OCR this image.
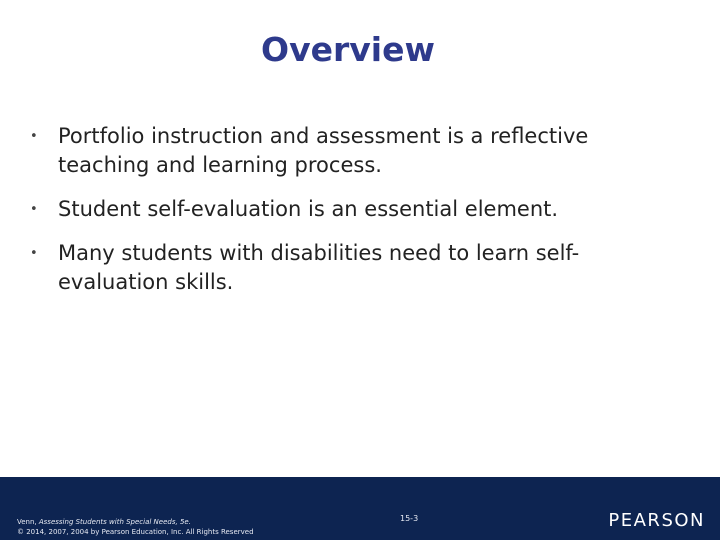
Overview
• Portfolio instruction and assessment is a reflective teaching and learning process.
• Student self-evaluation is an essential element.
• Many students with disabilities need to learn self-evaluation skills.
Venn, Assessing Students with Special Needs, 5e.
© 2014, 2007, 2004 by Pearson Education, Inc. All Rights Reserved
15-3	PEARSON
